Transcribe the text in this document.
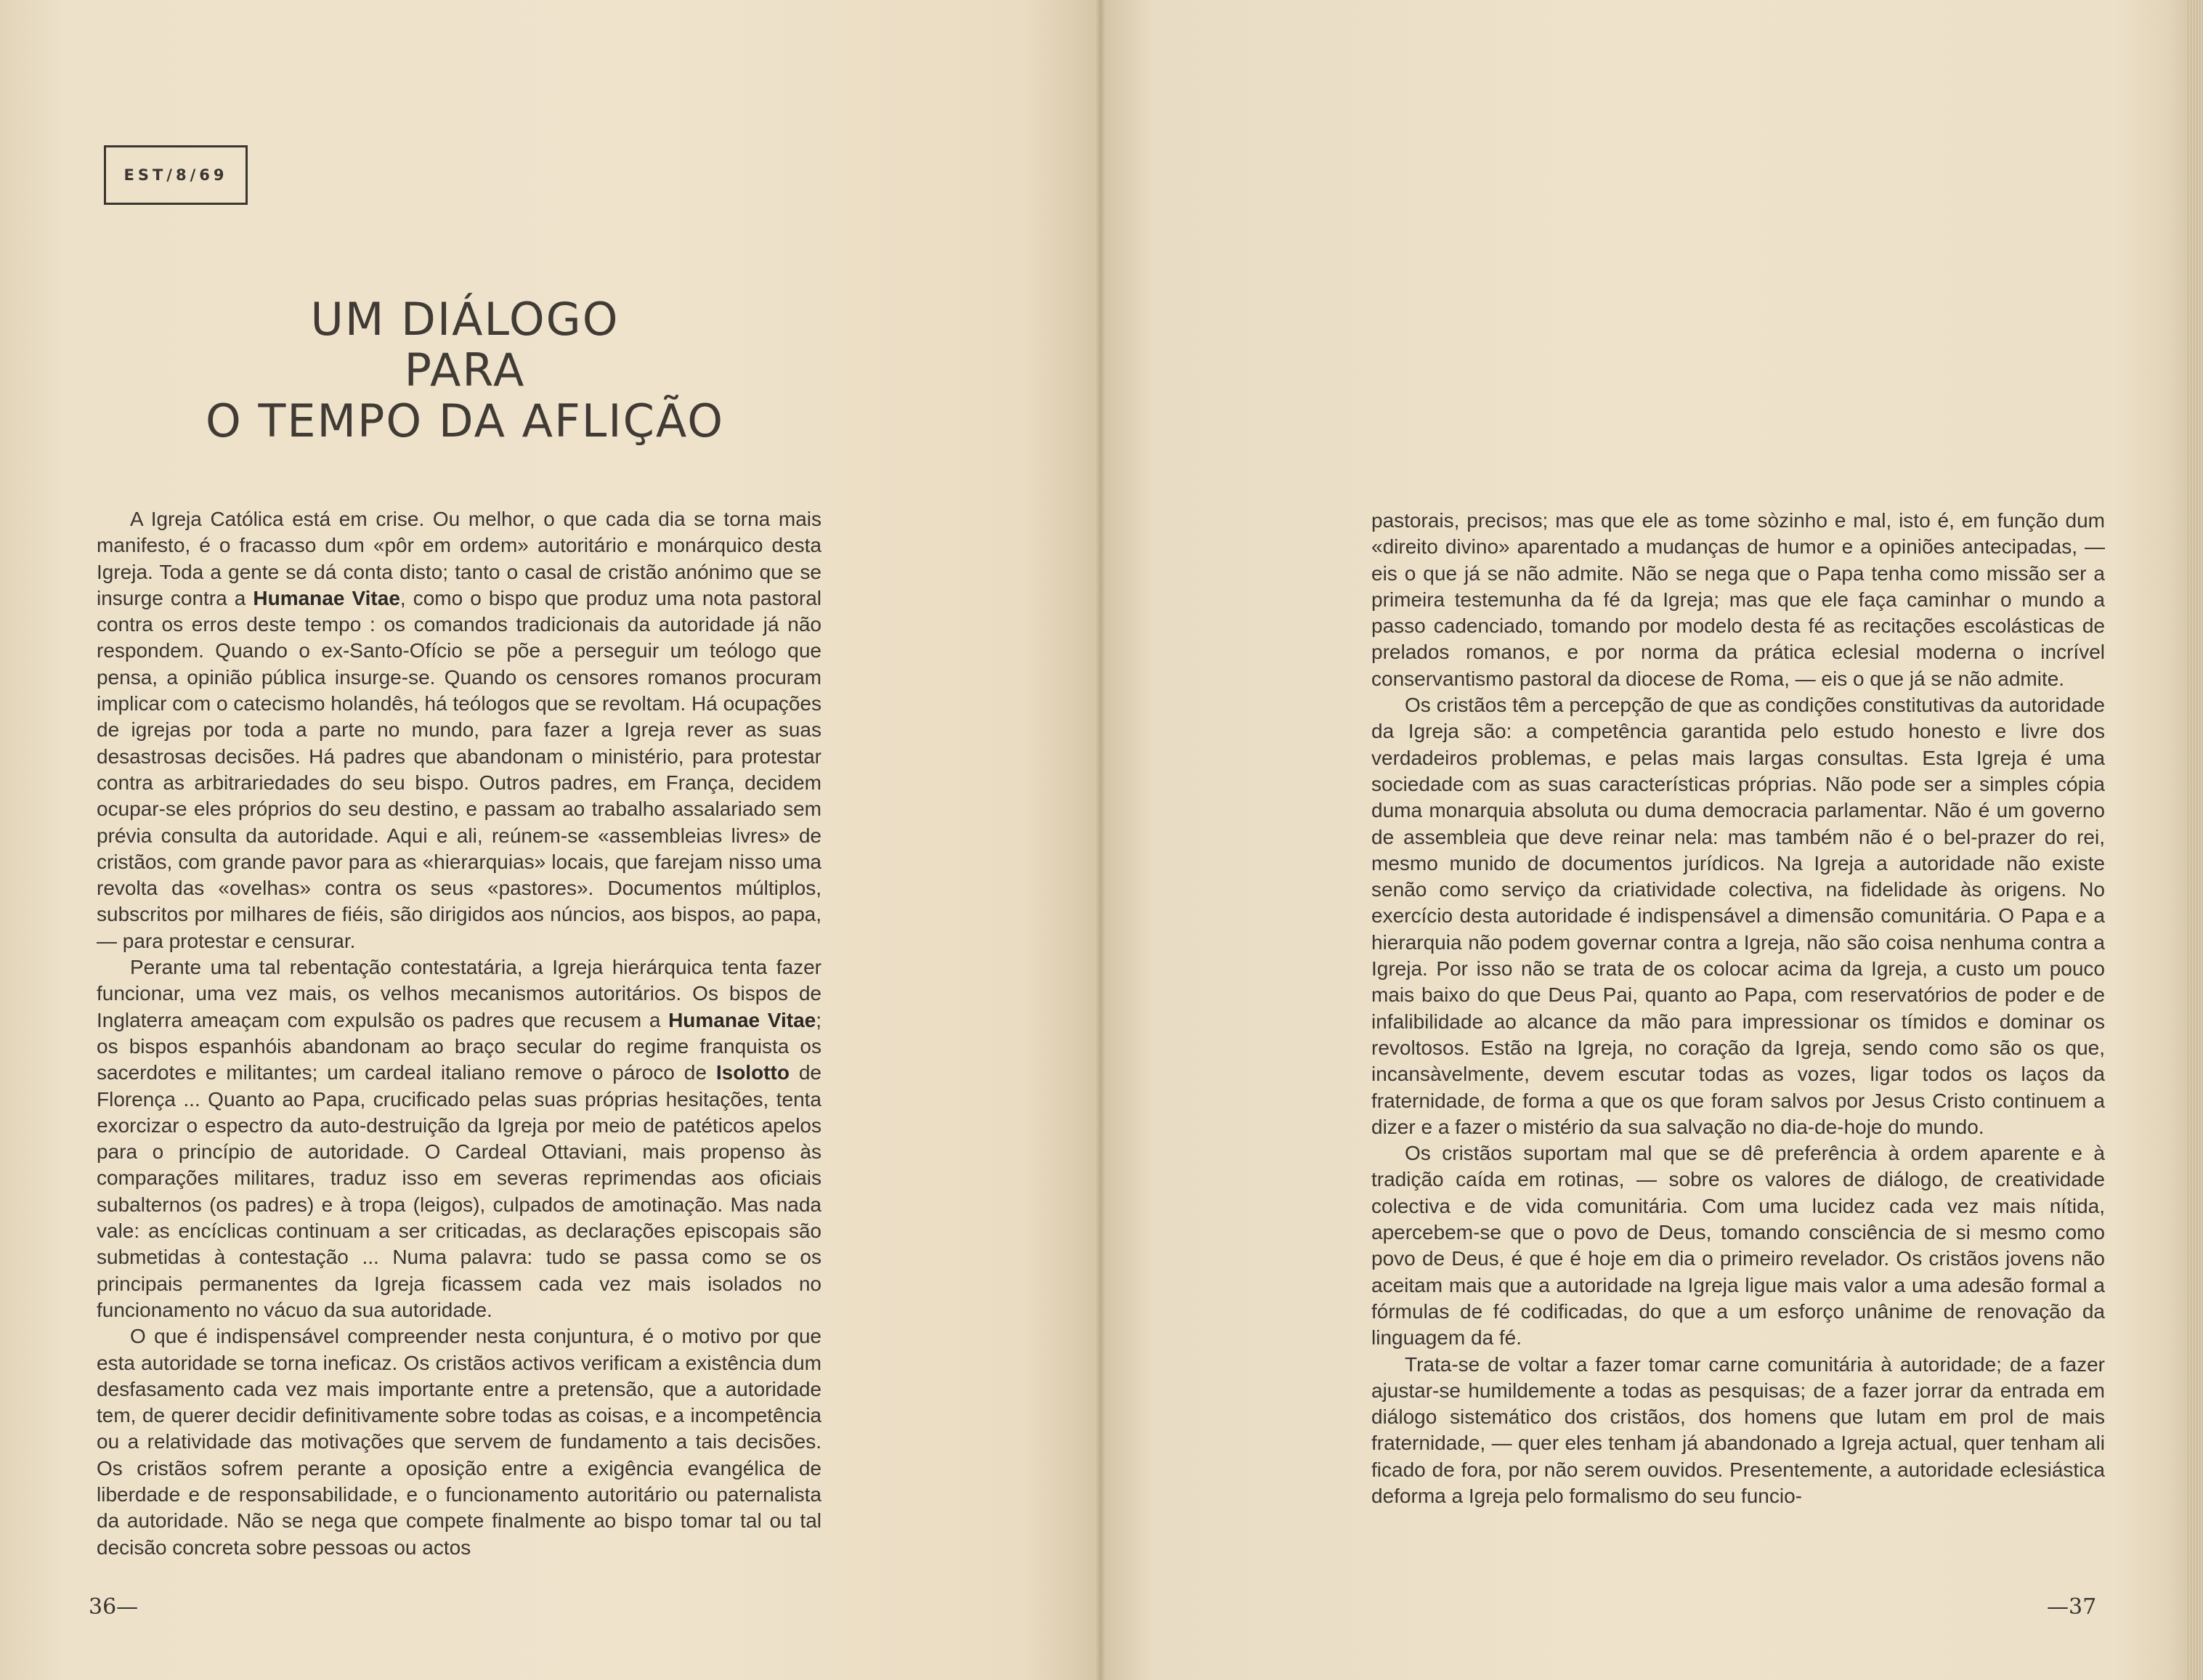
EST/8/69
UM DIÁLOGO
PARA
O TEMPO DA AFLIÇÃO

A Igreja Católica está em crise. Ou melhor, o que cada dia se torna mais manifesto, é o fracasso dum «pôr em ordem» autoritário e monárquico desta Igreja. Toda a gente se dá conta disto; tanto o casal de cristão anónimo que se insurge contra a Humanae Vitae, como o bispo que produz uma nota pastoral contra os erros deste tempo : os comandos tradicionais da autoridade já não respondem. Quando o ex-Santo-Ofício se põe a perseguir um teólogo que pensa, a opinião pública insurge-se. Quando os censores romanos procuram implicar com o catecismo holandês, há teólogos que se revoltam. Há ocupações de igrejas por toda a parte no mundo, para fazer a Igreja rever as suas desastrosas decisões. Há padres que abandonam o ministério, para protestar contra as arbitrariedades do seu bispo. Outros padres, em França, decidem ocupar-se eles próprios do seu destino, e passam ao trabalho assalariado sem prévia consulta da autoridade. Aqui e ali, reúnem-se «assembleias livres» de cristãos, com grande pavor para as «hierarquias» locais, que farejam nisso uma revolta das «ovelhas» contra os seus «pastores». Documentos múltiplos, subscritos por milhares de fiéis, são dirigidos aos núncios, aos bispos, ao papa, — para protestar e censurar.

Perante uma tal rebentação contestatária, a Igreja hierárquica tenta fazer funcionar, uma vez mais, os velhos mecanismos autoritários. Os bispos de Inglaterra ameaçam com expulsão os padres que recusem a Humanae Vitae; os bispos espanhóis abandonam ao braço secular do regime franquista os sacerdotes e militantes; um cardeal italiano remove o pároco de Isolotto de Florença ... Quanto ao Papa, crucificado pelas suas próprias hesitações, tenta exorcizar o espectro da auto-destruição da Igreja por meio de patéticos apelos para o princípio de autoridade. O Cardeal Ottaviani, mais propenso às comparações militares, traduz isso em severas reprimendas aos oficiais subalternos (os padres) e à tropa (leigos), culpados de amotinação. Mas nada vale: as encíclicas continuam a ser criticadas, as declarações episcopais são submetidas à contestação ... Numa palavra: tudo se passa como se os principais permanentes da Igreja ficassem cada vez mais isolados no funcionamento no vácuo da sua autoridade.

O que é indispensável compreender nesta conjuntura, é o motivo por que esta autoridade se torna ineficaz. Os cristãos activos verificam a existência dum desfasamento cada vez mais importante entre a pretensão, que a autoridade tem, de querer decidir definitivamente sobre todas as coisas, e a incompetência ou a relatividade das motivações que servem de fundamento a tais decisões. Os cristãos sofrem perante a oposição entre a exigência evangélica de liberdade e de responsabilidade, e o funcionamento autoritário ou paternalista da autoridade. Não se nega que compete finalmente ao bispo tomar tal ou tal decisão concreta sobre pessoas ou actos

36—

pastorais, precisos; mas que ele as tome sòzinho e mal, isto é, em função dum «direito divino» aparentado a mudanças de humor e a opiniões antecipadas, — eis o que já se não admite. Não se nega que o Papa tenha como missão ser a primeira testemunha da fé da Igreja; mas que ele faça caminhar o mundo a passo cadenciado, tomando por modelo desta fé as recitações escolásticas de prelados romanos, e por norma da prática eclesial moderna o incrível conservantismo pastoral da diocese de Roma, — eis o que já se não admite.

Os cristãos têm a percepção de que as condições constitutivas da autoridade da Igreja são: a competência garantida pelo estudo honesto e livre dos verdadeiros problemas, e pelas mais largas consultas. Esta Igreja é uma sociedade com as suas características próprias. Não pode ser a simples cópia duma monarquia absoluta ou duma democracia parlamentar. Não é um governo de assembleia que deve reinar nela: mas também não é o bel-prazer do rei, mesmo munido de documentos jurídicos. Na Igreja a autoridade não existe senão como serviço da criatividade colectiva, na fidelidade às origens. No exercício desta autoridade é indispensável a dimensão comunitária. O Papa e a hierarquia não podem governar contra a Igreja, não são coisa nenhuma contra a Igreja. Por isso não se trata de os colocar acima da Igreja, a custo um pouco mais baixo do que Deus Pai, quanto ao Papa, com reservatórios de poder e de infalibilidade ao alcance da mão para impressionar os tímidos e dominar os revoltosos. Estão na Igreja, no coração da Igreja, sendo como são os que, incansàvelmente, devem escutar todas as vozes, ligar todos os laços da fraternidade, de forma a que os que foram salvos por Jesus Cristo continuem a dizer e a fazer o mistério da sua salvação no dia-de-hoje do mundo.

Os cristãos suportam mal que se dê preferência à ordem aparente e à tradição caída em rotinas, — sobre os valores de diálogo, de creatividade colectiva e de vida comunitária. Com uma lucidez cada vez mais nítida, apercebem-se que o povo de Deus, tomando consciência de si mesmo como povo de Deus, é que é hoje em dia o primeiro revelador. Os cristãos jovens não aceitam mais que a autoridade na Igreja ligue mais valor a uma adesão formal a fórmulas de fé codificadas, do que a um esforço unânime de renovação da linguagem da fé.

Trata-se de voltar a fazer tomar carne comunitária à autoridade; de a fazer ajustar-se humildemente a todas as pesquisas; de a fazer jorrar da entrada em diálogo sistemático dos cristãos, dos homens que lutam em prol de mais fraternidade, — quer eles tenham já abandonado a Igreja actual, quer tenham ali ficado de fora, por não serem ouvidos. Presentemente, a autoridade eclesiástica deforma a Igreja pelo formalismo do seu funcio-

—37
